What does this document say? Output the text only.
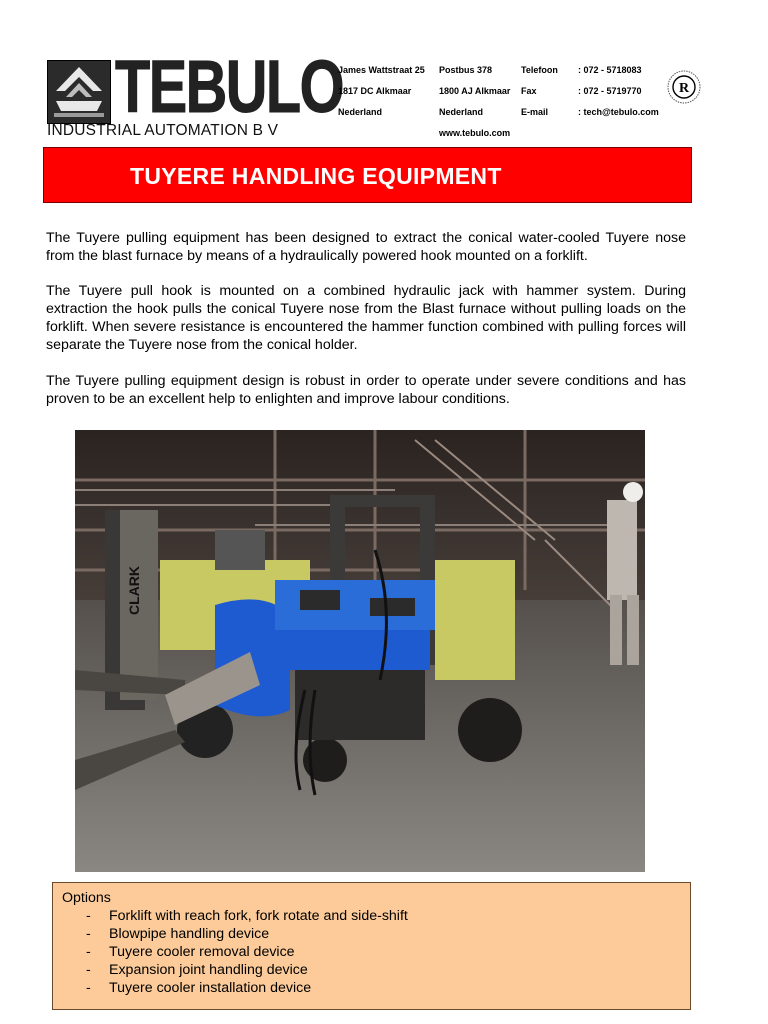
TEBULO
INDUSTRIAL AUTOMATION B V
James Wattstraat 25
1817 DC Alkmaar
Nederland
Postbus 378
1800 AJ Alkmaar
Nederland
www.tebulo.com
Telefoon
Fax
E-mail
: 072 - 5718083
: 072 - 5719770
: tech@tebulo.com
R
TUYERE HANDLING EQUIPMENT

The Tuyere pulling equipment has been designed to extract the conical water-cooled Tuyere nose from the blast furnace by means of a hydraulically powered hook mounted on a forklift.

The Tuyere pull hook is mounted on a combined hydraulic jack with hammer system. During extraction the hook pulls the conical Tuyere nose from the Blast furnace without pulling loads on the forklift. When severe resistance is encountered the hammer function combined with pulling forces will separate the Tuyere nose from the conical holder.

The Tuyere pulling equipment design is robust in order to operate under severe conditions and has proven to be an excellent help to enlighten and improve labour conditions.

CLARK
Options
- Forklift with reach fork, fork rotate and side-shift
- Blowpipe handling device
- Tuyere cooler removal device
- Expansion joint handling device
- Tuyere cooler installation device
